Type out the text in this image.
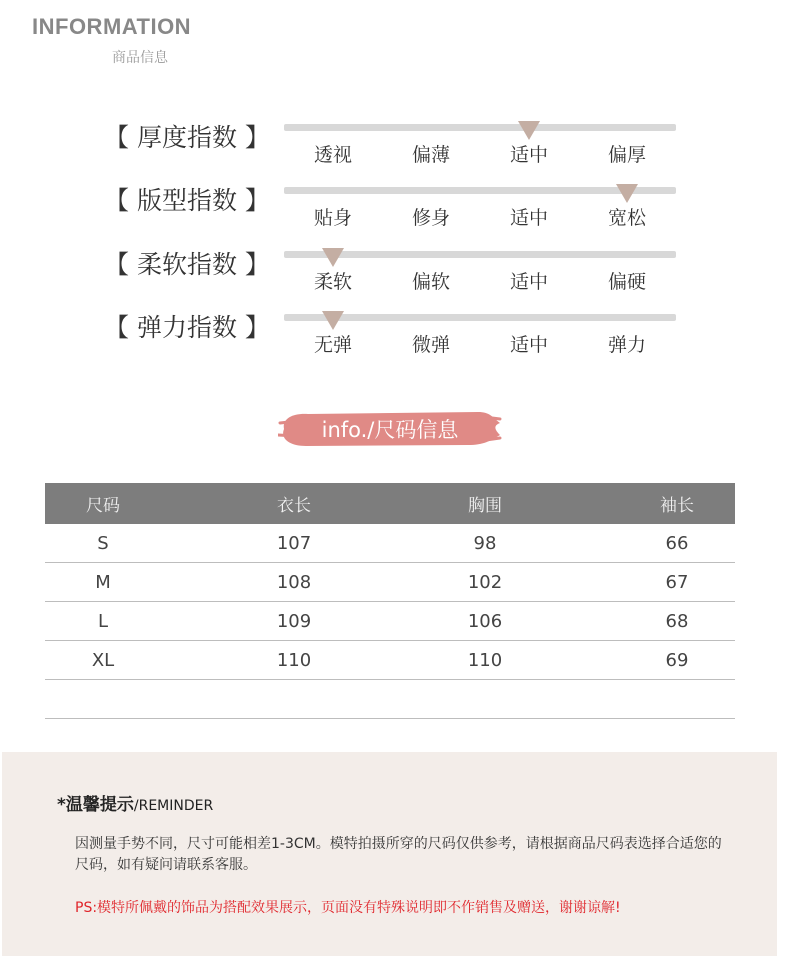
INFORMATION
商品信息
【 厚度指数 】
透视	偏薄	适中	偏厚
【 版型指数 】
贴身	修身	适中	宽松
【 柔软指数 】
柔软	偏软	适中	偏硬
【 弹力指数 】
无弹	微弹	适中	弹力
info./尺码信息
尺码	衣长	胸围	袖长
S	107	98	66
M	108	102	67
L	109	106	68
XL	110	110	69
*温馨提示/REMINDER
因测量手势不同，尺寸可能相差1-3CM。模特拍摄所穿的尺码仅供参考，请根据商品尺码表选择合适您的尺码，如有疑问请联系客服。
PS:模特所佩戴的饰品为搭配效果展示，页面没有特殊说明即不作销售及赠送，谢谢谅解!
